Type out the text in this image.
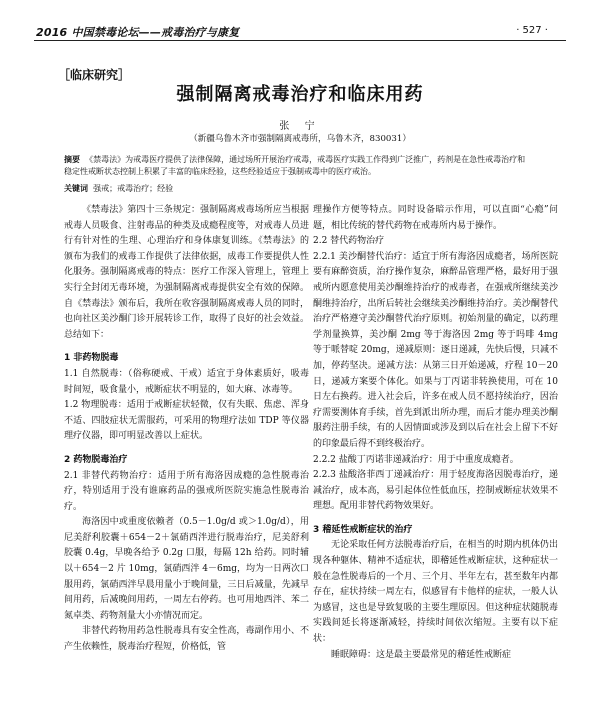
2016 中国禁毒论坛——戒毒治疗与康复	· 527 ·
［临床研究］
强制隔离戒毒治疗和临床用药
张 宁
（新疆乌鲁木齐市强制隔离戒毒所，乌鲁木齐，830031）
摘要 《禁毒法》为戒毒医疗提供了法律保障，通过场所开展治疗戒毒，戒毒医疗实践工作得到广泛推广，药剂是在急性戒毒治疗和稳定性戒断状态控制上积累了丰富的临床经验，这些经验适应于强制戒毒中的医疗戒治。
关键词 强戒；戒毒治疗；经验

《禁毒法》第四十三条规定：强制隔离戒毒场所应当根据戒毒人员吸食、注射毒品的种类及成瘾程度等，对戒毒人员进行有针对性的生理、心理治疗和身体康复训练。《禁毒法》的颁布为我们的戒毒工作提供了法律依据，成毒工作要提供人性化服务。强制隔离戒毒的特点：医疗工作深入管理上，管理上实行全封闭无毒环境，为强制隔离戒毒提供安全有效的保障。自《禁毒法》颁布后，我所在收容强制隔离戒毒人员的同时，也向社区美沙酮门诊开展转诊工作，取得了良好的社会效益。总结如下：

1 非药物脱毒

1.1 自然脱毒：（俗称硬戒、干戒）适宜于身体素质好，吸毒时间短，吸食量小，戒断症状不明显的，如大麻、冰毒等。

1.2 物理脱毒：适用于戒断症状轻微，仅有失眠、焦虑、浑身不适、四肢症状无需服药，可采用的物理疗法如 TDP 等仪器理疗仪器，即可明显改善以上症状。

2 药物脱毒治疗

2.1 非替代药物治疗：适用于所有海洛因成瘾的急性脱毒治疗，特别适用于没有谁麻药品的强戒所医院实施急性脱毒治疗。

海洛因中或重度依赖者（0.5－1.0g/d 或＞1.0g/d），用尼美舒利胶囊＋654－2＋氯硝西泮进行脱毒治疗，尼美舒利胶囊 0.4g，早晚各给予 0.2g 口服，每隔 12h 给药。同时辅以＋654－2 片 10mg，氯硝西泮 4－6mg，均为一日两次口服用药，氯硝西泮早晨用量小于晚间量，三日后减量，先减早间用药，后减晚间用药，一周左右停药。也可用地西泮、苯二氮卓类、药物剂量大小亦情况而定。

非替代药物用药急性脱毒具有安全性高，毒副作用小、不产生依赖性，脱毒治疗程短，价格低，管

理操作方便等特点。同时设备暗示作用，可以直面“心瘾”问题，相比传统的替代药物在戒毒所内易于操作。

2.2 替代药物治疗

2.2.1 美沙酮替代治疗：适宜于所有海洛因成瘾者，场所医院要有麻醉资质，治疗操作复杂，麻醉品管理严格，最好用于强戒所内愿意使用美沙酮维持治疗的戒毒者，在强戒所继续美沙酮维持治疗，出所后转社会继续美沙酮维持治疗。美沙酮替代治疗严格遵守美沙酮替代治疗原则。初始剂量的确定，以药理学剂量换算，美沙酮 2mg 等于海洛因 2mg 等于吗啡 4mg 等于哌替啶 20mg，递减原则：逐日递减，先快后慢，只减不加，停药坚决。递减方法：从第三日开始递减，疗程 10－20 日，递减方案要个体化。如果与丁丙诺非转换使用，可在 10 日左右换药。进入社会后，许多在戒人员不愿持续治疗，因治疗需要测体育手续，首先到派出所办理，而后才能办理美沙酮服药注册手续，有的人因情面或涉及到以后在社会上留下不好的印象最后得不到终极治疗。

2.2.2 盐酸丁丙诺非递减治疗：用于中重度成瘾者。

2.2.3 盐酸洛菲西丁递减治疗：用于轻度海洛因脱毒治疗，递减治疗，成本高，易引起体位性低血压，控制戒断症状效果不理想。配用非替代药物效果好。

3 稽延性戒断症状的治疗

无论采取任何方法脱毒治疗后，在相当的时期内机体仍出现各种躯体、精神不适症状，即稽延性戒断症状，这种症状一般在急性脱毒后的一个月、三个月、半年左右，甚至数年内都存在，症状持续一周左右，似感冒有卡他样的症状，一般人认为感冒，这也是导致复吸的主要生理原因。但这种症状随脱毒实践间延长将逐渐减轻，持续时间依次缩短。主要有以下症状：

睡眠障碍：这是最主要最常见的稽延性戒断症
